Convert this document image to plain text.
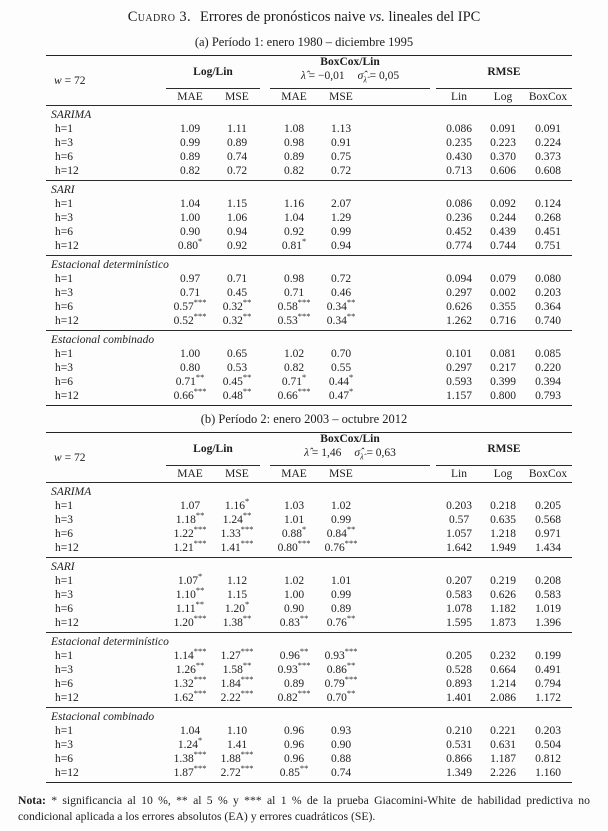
Cuadro 3. Errores de pronósticos naive vs. lineales del IPC
(a) Período 1: enero 1980 – diciembre 1995
w = 72
Log/Lin
BoxCox/Lin
λ̂ = −0,01 $\sigmâ_{\lambdâ} = 0,05$	RMSE
MAE	MSE	MAE	MSE	Lin	Log	BoxCox
SARIMA
h=1	1.09	1.11	1.08	1.13	0.086	0.091	0.091
h=3	0.99	0.89	0.98	0.91	0.235	0.223	0.224
h=6	0.89	0.74	0.89	0.75	0.430	0.370	0.373
h=12	0.82	0.72	0.82	0.72	0.713	0.606	0.608
SARI
h=1	1.04	1.15	1.16	2.07	0.086	0.092	0.124
h=3	1.00	1.06	1.04	1.29	0.236	0.244	0.268
h=6	0.90	0.94	0.92	0.99	0.452	0.439	0.451
h=12	0.80*	0.92	0.81*	0.94	0.774	0.744	0.751
Estacional determinístico
h=1	0.97	0.71	0.98	0.72	0.094	0.079	0.080
h=3	0.71	0.45	0.71	0.46	0.297	0.002	0.203
h=6	0.57***	0.32**	0.58***	0.34**	0.626	0.355	0.364
h=12	0.52***	0.32**	0.53***	0.34**	1.262	0.716	0.740
Estacional combinado
h=1	1.00	0.65	1.02	0.70	0.101	0.081	0.085
h=3	0.80	0.53	0.82	0.55	0.297	0.217	0.220
h=6	0.71**	0.45**	0.71*	0.44*	0.593	0.399	0.394
h=12	0.66***	0.48**	0.66***	0.47*	1.157	0.800	0.793
(b) Período 2: enero 2003 – octubre 2012
w = 72
Log/Lin
BoxCox/Lin
λ̂ = 1,46 $\sigmâ_{\lambdâ} = 0,63$	RMSE
MAE	MSE	MAE	MSE	Lin	Log	BoxCox
SARIMA
h=1	1.07	1.16*	1.03	1.02	0.203	0.218	0.205
h=3	1.18**	1.24**	1.01	0.99	0.57	0.635	0.568
h=6	1.22***	1.33***	0.88*	0.84**	1.057	1.218	0.971
h=12	1.21***	1.41***	0.80***	0.76***	1.642	1.949	1.434
SARI
h=1	1.07*	1.12	1.02	1.01	0.207	0.219	0.208
h=3	1.10**	1.15	1.00	0.99	0.583	0.626	0.583
h=6	1.11**	1.20*	0.90	0.89	1.078	1.182	1.019
h=12	1.20***	1.38**	0.83**	0.76**	1.595	1.873	1.396
Estacional determinístico
h=1	1.14***	1.27***	0.96**	0.93***	0.205	0.232	0.199
h=3	1.26**	1.58**	0.93***	0.86**	0.528	0.664	0.491
h=6	1.32***	1.84***	0.89	0.79***	0.893	1.214	0.794
h=12	1.62***	2.22***	0.82***	0.70**	1.401	2.086	1.172
Estacional combinado
h=1	1.04	1.10	0.96	0.93	0.210	0.221	0.203
h=3	1.24*	1.41	0.96	0.90	0.531	0.631	0.504
h=6	1.38***	1.88***	0.96	0.88	0.866	1.187	0.812
h=12	1.87***	2.72***	0.85**	0.74	1.349	2.226	1.160
Nota: * significancia al 10 %, ** al 5 % y *** al 1 % de la prueba Giacomini-White de habilidad predictiva no condicional aplicada a los errores absolutos (EA) y errores cuadráticos (SE).
